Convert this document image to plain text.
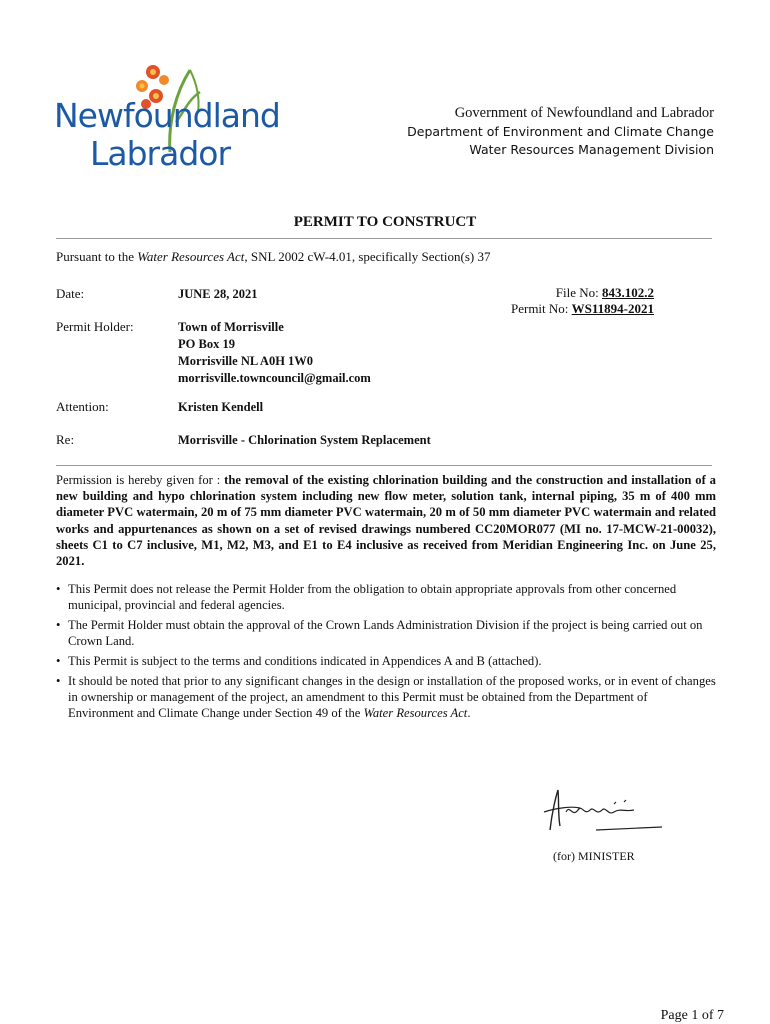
Newfoundland
Labrador
Government of Newfoundland and Labrador
Department of Environment and Climate Change
Water Resources Management Division
PERMIT TO CONSTRUCT
Pursuant to the Water Resources Act, SNL 2002 cW-4.01, specifically Section(s) 37
Date:	JUNE 28, 2021	File No: 843.102.2
Permit No: WS11894-2021
Permit Holder:	Town of Morrisville
PO Box 19
Morrisville NL A0H 1W0
morrisville.towncouncil@gmail.com
Attention:	Kristen Kendell
Re:	Morrisville - Chlorination System Replacement
Permission is hereby given for : the removal of the existing chlorination building and the construction and installation of a new building and hypo chlorination system including new flow meter, solution tank, internal piping, 35 m of 400 mm diameter PVC watermain, 20 m of 75 mm diameter PVC watermain, 20 m of 50 mm diameter PVC watermain and related works and appurtenances as shown on a set of revised drawings numbered CC20MOR077 (MI no. 17-MCW-21-00032), sheets C1 to C7 inclusive, M1, M2, M3, and E1 to E4 inclusive as received from Meridian Engineering Inc. on June 25, 2021.
• This Permit does not release the Permit Holder from the obligation to obtain appropriate approvals from other concerned municipal, provincial and federal agencies.
• The Permit Holder must obtain the approval of the Crown Lands Administration Division if the project is being carried out on Crown Land.
• This Permit is subject to the terms and conditions indicated in Appendices A and B (attached).
• It should be noted that prior to any significant changes in the design or installation of the proposed works, or in event of changes in ownership or management of the project, an amendment to this Permit must be obtained from the Department of Environment and Climate Change under Section 49 of the Water Resources Act.
(for) MINISTER
Page 1 of 7
